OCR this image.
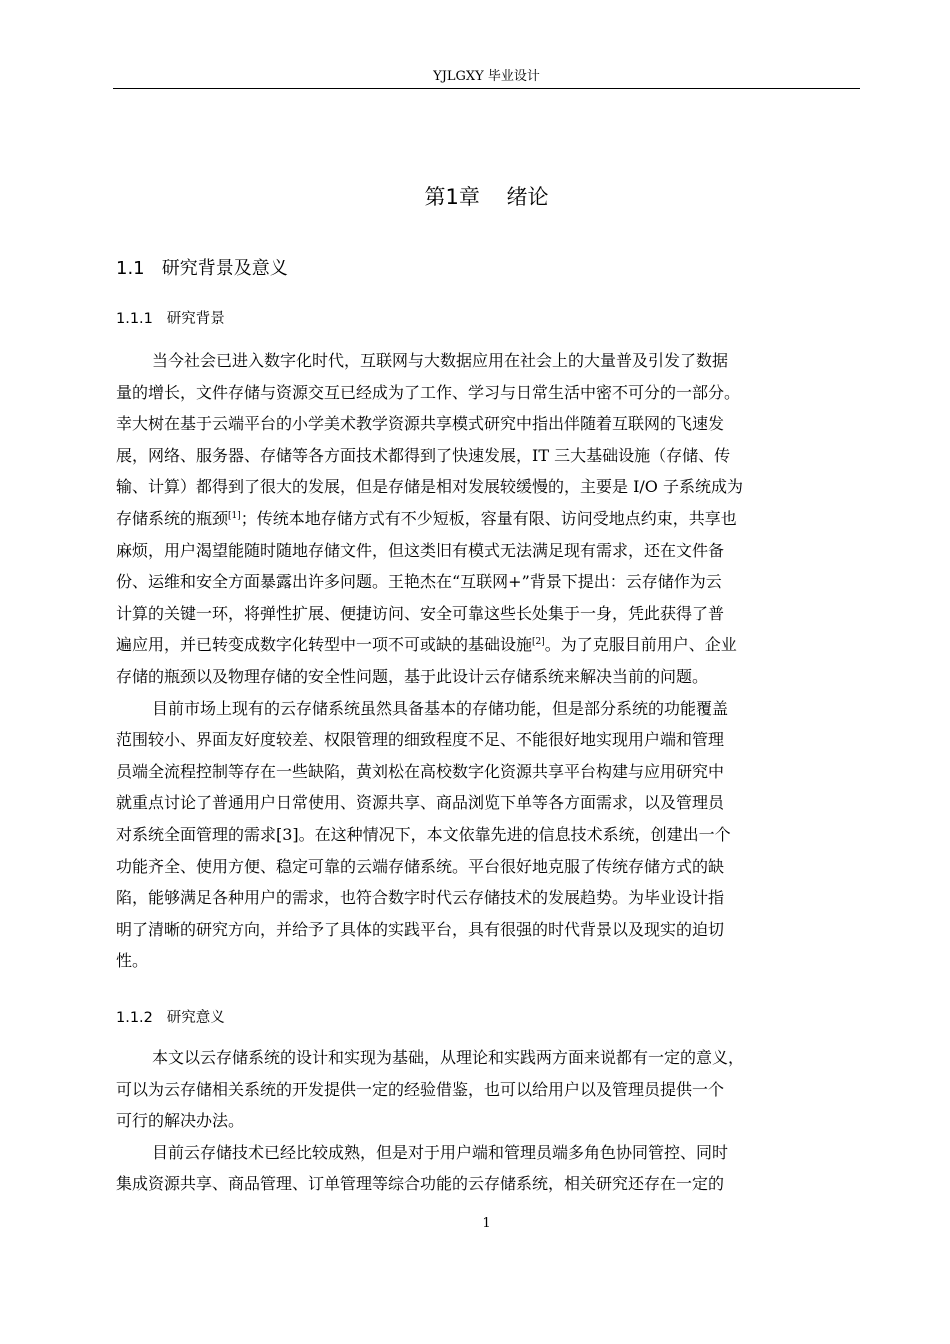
YJLGXY 毕业设计
第1章    绪论
1.1   研究背景及意义
1.1.1   研究背景
当今社会已进入数字化时代，互联网与大数据应用在社会上的大量普及引发了数据
量的增长，文件存储与资源交互已经成为了工作、学习与日常生活中密不可分的一部分。
幸大树在基于云端平台的小学美术教学资源共享模式研究中指出伴随着互联网的飞速发
展，网络、服务器、存储等各方面技术都得到了快速发展，IT 三大基础设施（存储、传
输、计算）都得到了很大的发展，但是存储是相对发展较缓慢的，主要是 I/O 子系统成为
存储系统的瓶颈[1]；传统本地存储方式有不少短板，容量有限、访问受地点约束，共享也
麻烦，用户渴望能随时随地存储文件，但这类旧有模式无法满足现有需求，还在文件备
份、运维和安全方面暴露出许多问题。王艳杰在“互联网+”背景下提出：云存储作为云
计算的关键一环，将弹性扩展、便捷访问、安全可靠这些长处集于一身，凭此获得了普
遍应用，并已转变成数字化转型中一项不可或缺的基础设施[2]。为了克服目前用户、企业
存储的瓶颈以及物理存储的安全性问题，基于此设计云存储系统来解决当前的问题。
目前市场上现有的云存储系统虽然具备基本的存储功能，但是部分系统的功能覆盖
范围较小、界面友好度较差、权限管理的细致程度不足、不能很好地实现用户端和管理
员端全流程控制等存在一些缺陷，黄刘松在高校数字化资源共享平台构建与应用研究中
就重点讨论了普通用户日常使用、资源共享、商品浏览下单等各方面需求，以及管理员
对系统全面管理的需求[3]。在这种情况下，本文依靠先进的信息技术系统，创建出一个
功能齐全、使用方便、稳定可靠的云端存储系统。平台很好地克服了传统存储方式的缺
陷，能够满足各种用户的需求，也符合数字时代云存储技术的发展趋势。为毕业设计指
明了清晰的研究方向，并给予了具体的实践平台，具有很强的时代背景以及现实的迫切
性。
1.1.2   研究意义
本文以云存储系统的设计和实现为基础，从理论和实践两方面来说都有一定的意义，
可以为云存储相关系统的开发提供一定的经验借鉴，也可以给用户以及管理员提供一个
可行的解决办法。
目前云存储技术已经比较成熟，但是对于用户端和管理员端多角色协同管控、同时
集成资源共享、商品管理、订单管理等综合功能的云存储系统，相关研究还存在一定的
1
